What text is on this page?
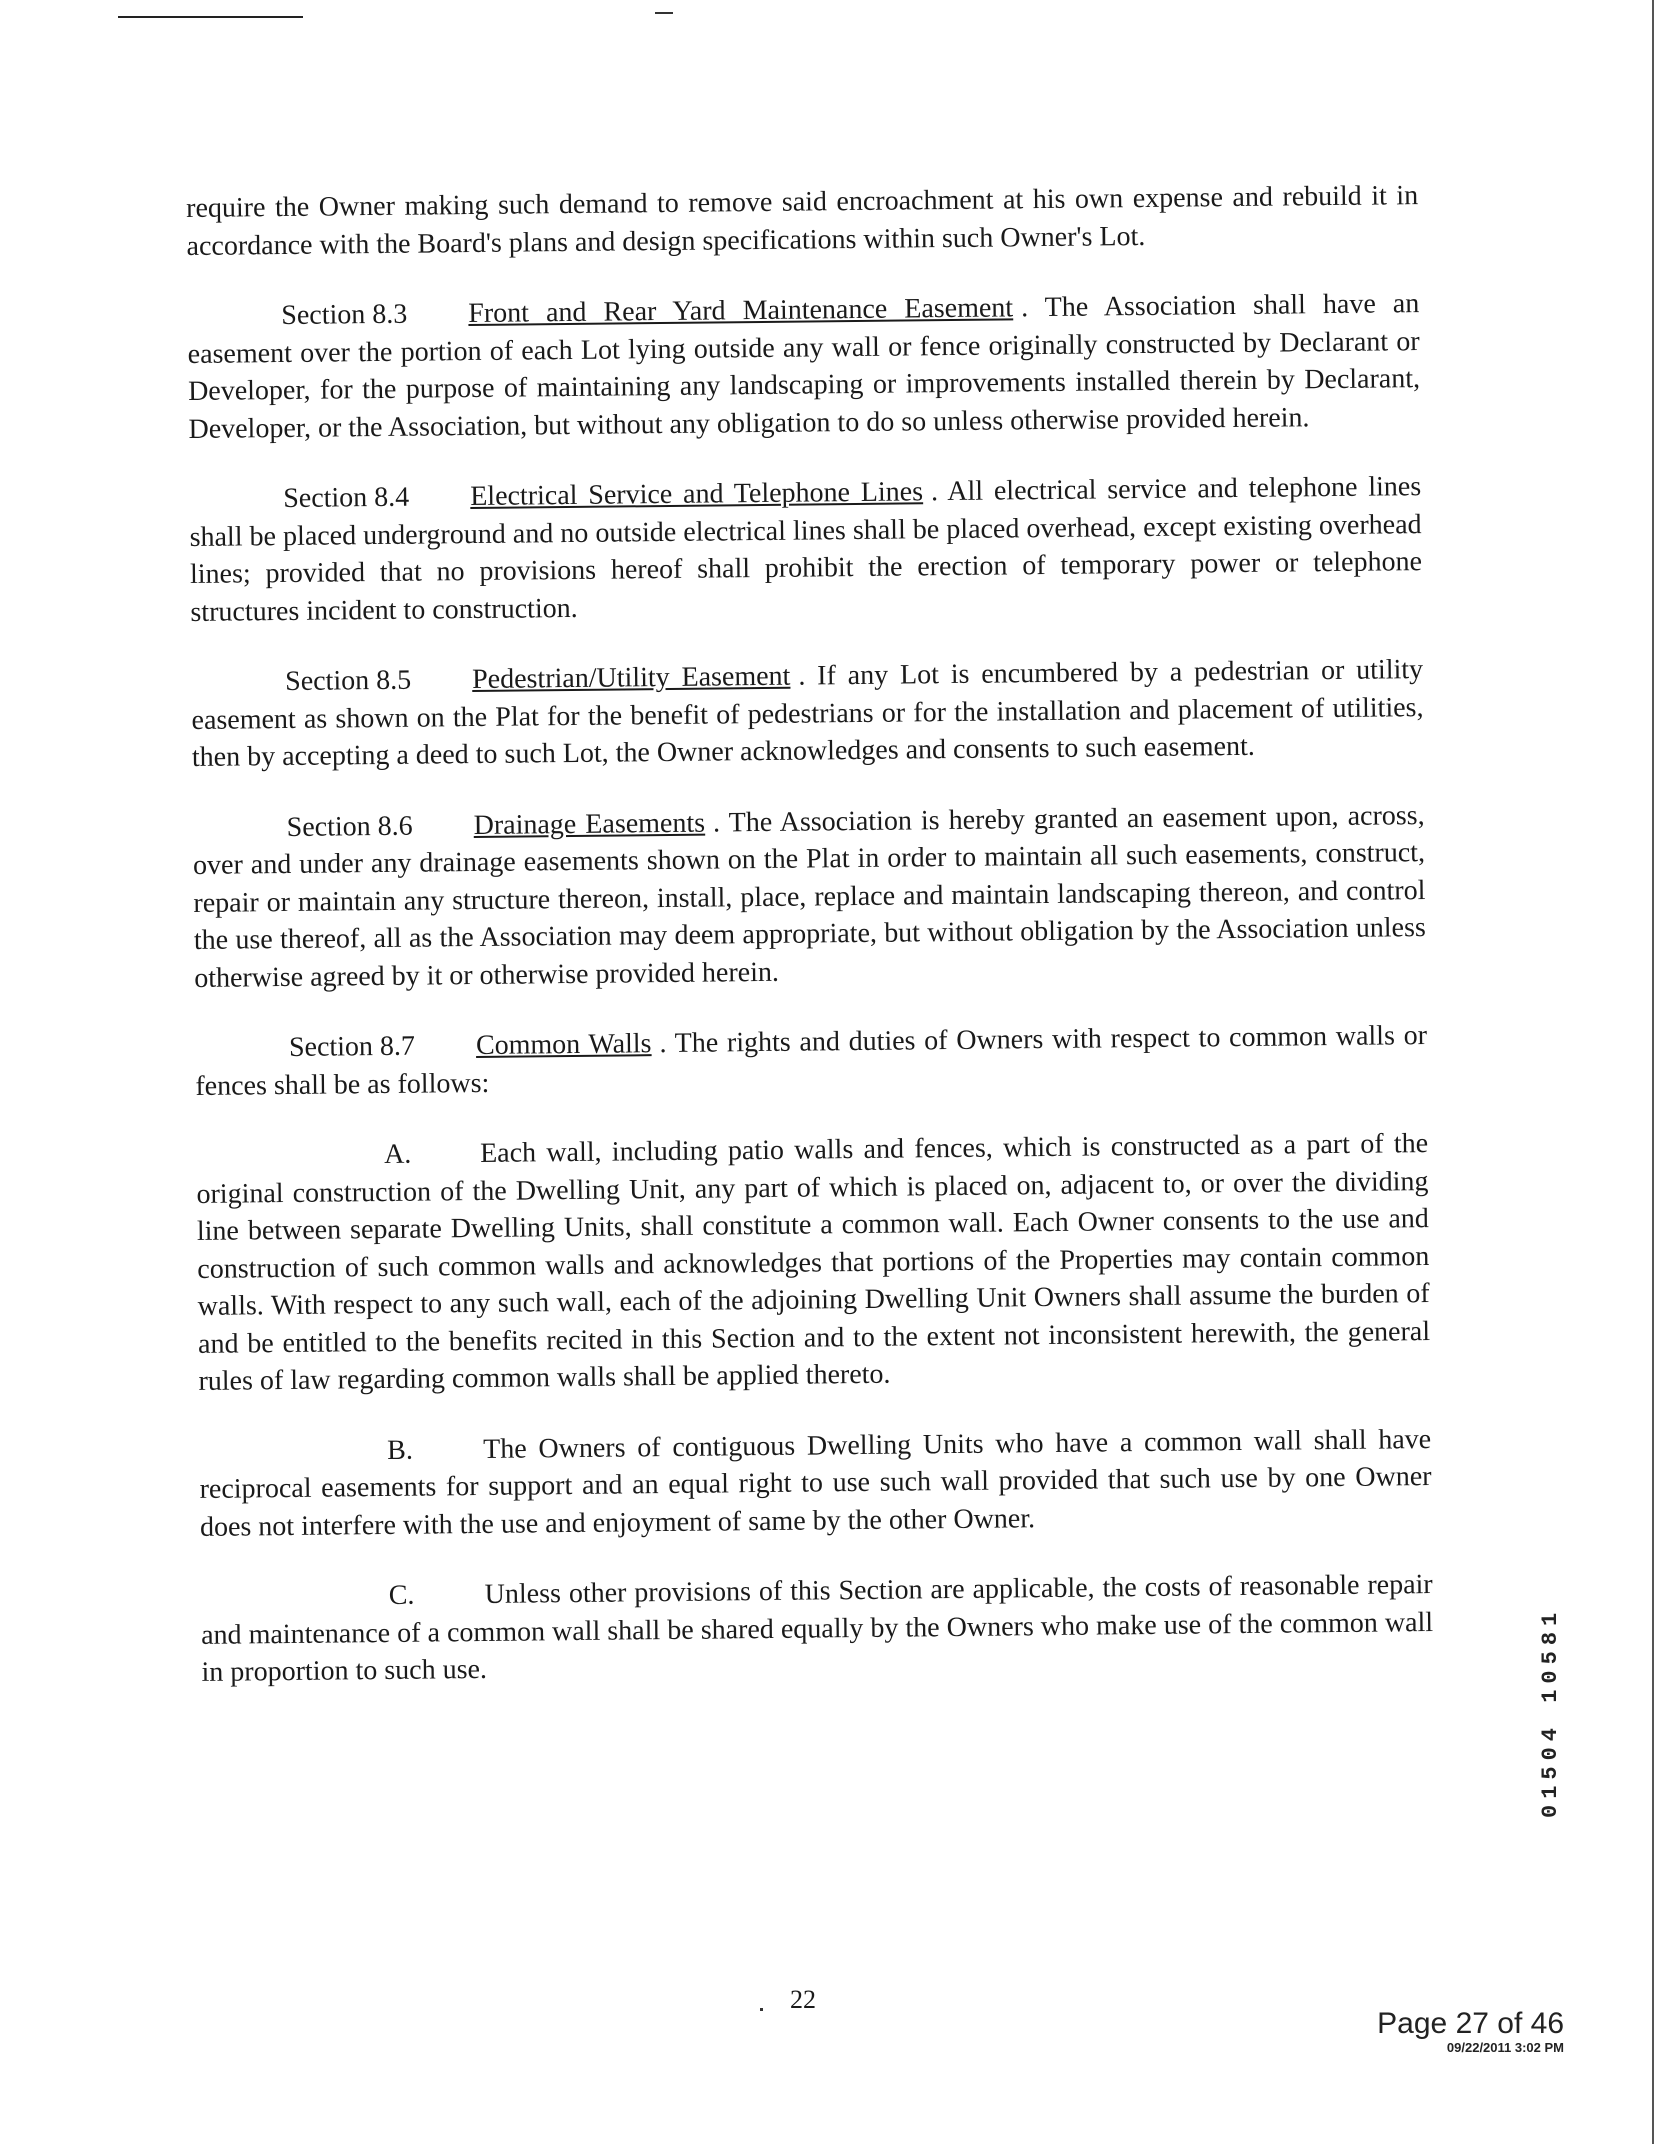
require the Owner making such demand to remove said encroachment at his own expense and rebuild it in accordance with the Board's plans and design specifications within such Owner's Lot.

Section 8.3 Front and Rear Yard Maintenance Easement . The Association shall have an easement over the portion of each Lot lying outside any wall or fence originally constructed by Declarant or Developer, for the purpose of maintaining any landscaping or improvements installed therein by Declarant, Developer, or the Association, but without any obligation to do so unless otherwise provided herein.

Section 8.4 Electrical Service and Telephone Lines . All electrical service and telephone lines shall be placed underground and no outside electrical lines shall be placed overhead, except existing overhead lines; provided that no provisions hereof shall prohibit the erection of temporary power or telephone structures incident to construction.

Section 8.5 Pedestrian/Utility Easement . If any Lot is encumbered by a pedestrian or utility easement as shown on the Plat for the benefit of pedestrians or for the installation and placement of utilities, then by accepting a deed to such Lot, the Owner acknowledges and consents to such easement.

Section 8.6 Drainage Easements . The Association is hereby granted an easement upon, across, over and under any drainage easements shown on the Plat in order to maintain all such easements, construct, repair or maintain any structure thereon, install, place, replace and maintain landscaping thereon, and control the use thereof, all as the Association may deem appropriate, but without obligation by the Association unless otherwise agreed by it or otherwise provided herein.

Section 8.7 Common Walls . The rights and duties of Owners with respect to common walls or fences shall be as follows:

A. Each wall, including patio walls and fences, which is constructed as a part of the original construction of the Dwelling Unit, any part of which is placed on, adjacent to, or over the dividing line between separate Dwelling Units, shall constitute a common wall. Each Owner consents to the use and construction of such common walls and acknowledges that portions of the Properties may contain common walls. With respect to any such wall, each of the adjoining Dwelling Unit Owners shall assume the burden of and be entitled to the benefits recited in this Section and to the extent not inconsistent herewith, the general rules of law regarding common walls shall be applied thereto.

B. The Owners of contiguous Dwelling Units who have a common wall shall have reciprocal easements for support and an equal right to use such wall provided that such use by one Owner does not interfere with the use and enjoyment of same by the other Owner.

C. Unless other provisions of this Section are applicable, the costs of reasonable repair and maintenance of a common wall shall be shared equally by the Owners who make use of the common wall in proportion to such use.	01504 10581
22
Page 27 of 46
09/22/2011 3:02 PM
